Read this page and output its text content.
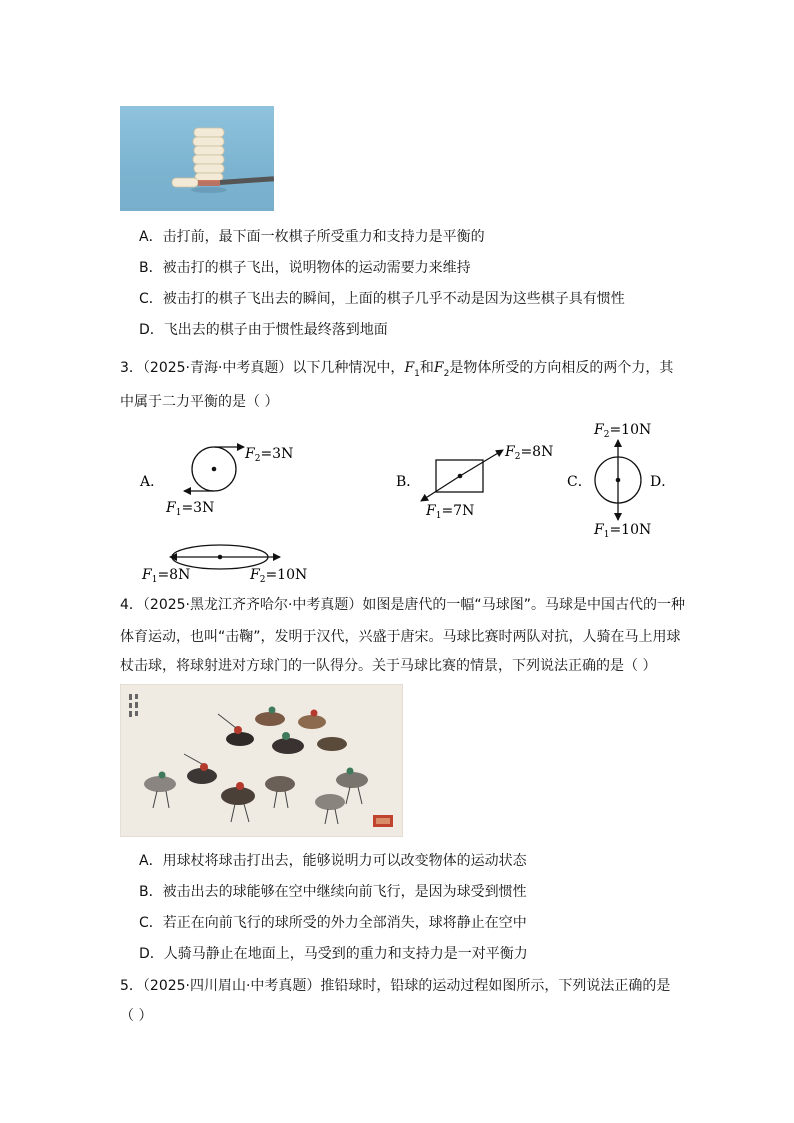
A．击打前，最下面一枚棋子所受重力和支持力是平衡的
B．被击打的棋子飞出，说明物体的运动需要力来维持
C．被击打的棋子飞出去的瞬间，上面的棋子几乎不动是因为这些棋子具有惯性
D．飞出去的棋子由于惯性最终落到地面
3．（2025·青海·中考真题）以下几种情况中，$F_1$和$F_2$是物体所受的方向相反的两个力，其
中属于二力平衡的是（ ）
A．
$F_2=3N$
$F_1=3N$
B．
$F_2=8N$
$F_1=7N$
C．
$F_2=10N$
$F_1=10N$
D．
$F_1=8N$	$F_2=10N$
4．（2025·黑龙江齐齐哈尔·中考真题）如图是唐代的一幅“马球图”。马球是中国古代的一种
体育运动，也叫“击鞠”，发明于汉代，兴盛于唐宋。马球比赛时两队对抗，人骑在马上用球
杖击球，将球射进对方球门的一队得分。关于马球比赛的情景，下列说法正确的是（ ）
A．用球杖将球击打出去，能够说明力可以改变物体的运动状态
B．被击出去的球能够在空中继续向前飞行，是因为球受到惯性
C．若正在向前飞行的球所受的外力全部消失，球将静止在空中
D．人骑马静止在地面上，马受到的重力和支持力是一对平衡力
5．（2025·四川眉山·中考真题）推铅球时，铅球的运动过程如图所示，下列说法正确的是
（ ）
